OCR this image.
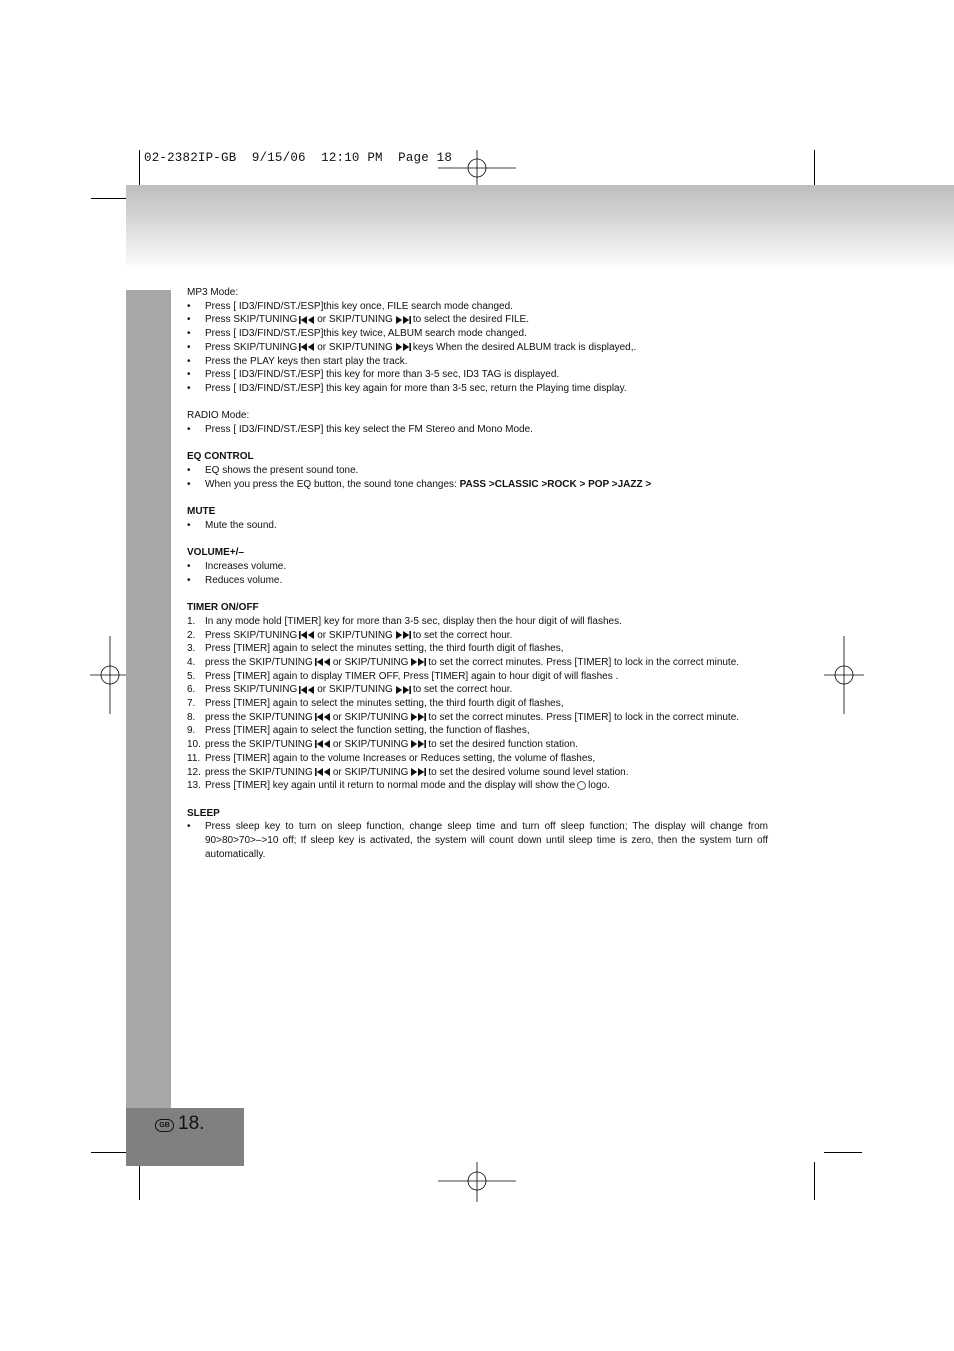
02-2382IP-GB  9/15/06  12:10 PM  Page 18
GB 18.

MP3 Mode:

• Press [ ID3/FIND/ST./ESP]this key once, FILE search mode changed.
• Press SKIP/TUNING or SKIP/TUNING to select the desired FILE.
• Press [ ID3/FIND/ST./ESP]this key twice, ALBUM search mode changed.
• Press SKIP/TUNING or SKIP/TUNING keys When the desired ALBUM track is displayed,.
• Press the PLAY keys then start play the track.
• Press [ ID3/FIND/ST./ESP] this key for more than 3-5 sec, ID3 TAG is displayed.
• Press [ ID3/FIND/ST./ESP] this key again for more than 3-5 sec, return the Playing time display.

RADIO Mode:

• Press [ ID3/FIND/ST./ESP] this key select the FM Stereo and Mono Mode.

EQ CONTROL

• EQ shows the present sound tone.
• When you press the EQ button, the sound tone changes: PASS >CLASSIC >ROCK > POP >JAZZ >

MUTE

• Mute the sound.

VOLUME+/–

• Increases volume.
• Reduces volume.

TIMER ON/OFF

1. In any mode hold [TIMER] key for more than 3-5 sec, display then the hour digit of will flashes.
2. Press SKIP/TUNING or SKIP/TUNING to set the correct hour.
3. Press [TIMER] again to select the minutes setting, the third fourth digit of flashes,
4. press the SKIP/TUNING or SKIP/TUNING to set the correct minutes. Press [TIMER] to lock in the correct minute.
5. Press [TIMER] again to display TIMER OFF, Press [TIMER] again to hour digit of will flashes .
6. Press SKIP/TUNING or SKIP/TUNING to set the correct hour.
7. Press [TIMER] again to select the minutes setting, the third fourth digit of flashes,
8. press the SKIP/TUNING or SKIP/TUNING to set the correct minutes. Press [TIMER] to lock in the correct minute.
9. Press [TIMER] again to select the function setting, the function of flashes,
10. press the SKIP/TUNING or SKIP/TUNING to set the desired function station.
11. Press [TIMER] again to the volume Increases or Reduces setting, the volume of flashes,
12. press the SKIP/TUNING or SKIP/TUNING to set the desired volume sound level station.
13. Press [TIMER] key again until it return to normal mode and the display will show the logo.

SLEEP

• Press sleep key to turn on sleep function, change sleep time and turn off sleep function; The display will change from 90>80>70>–>10 off; If sleep key is activated, the system will count down until sleep time is zero, then the system turn off automatically.
